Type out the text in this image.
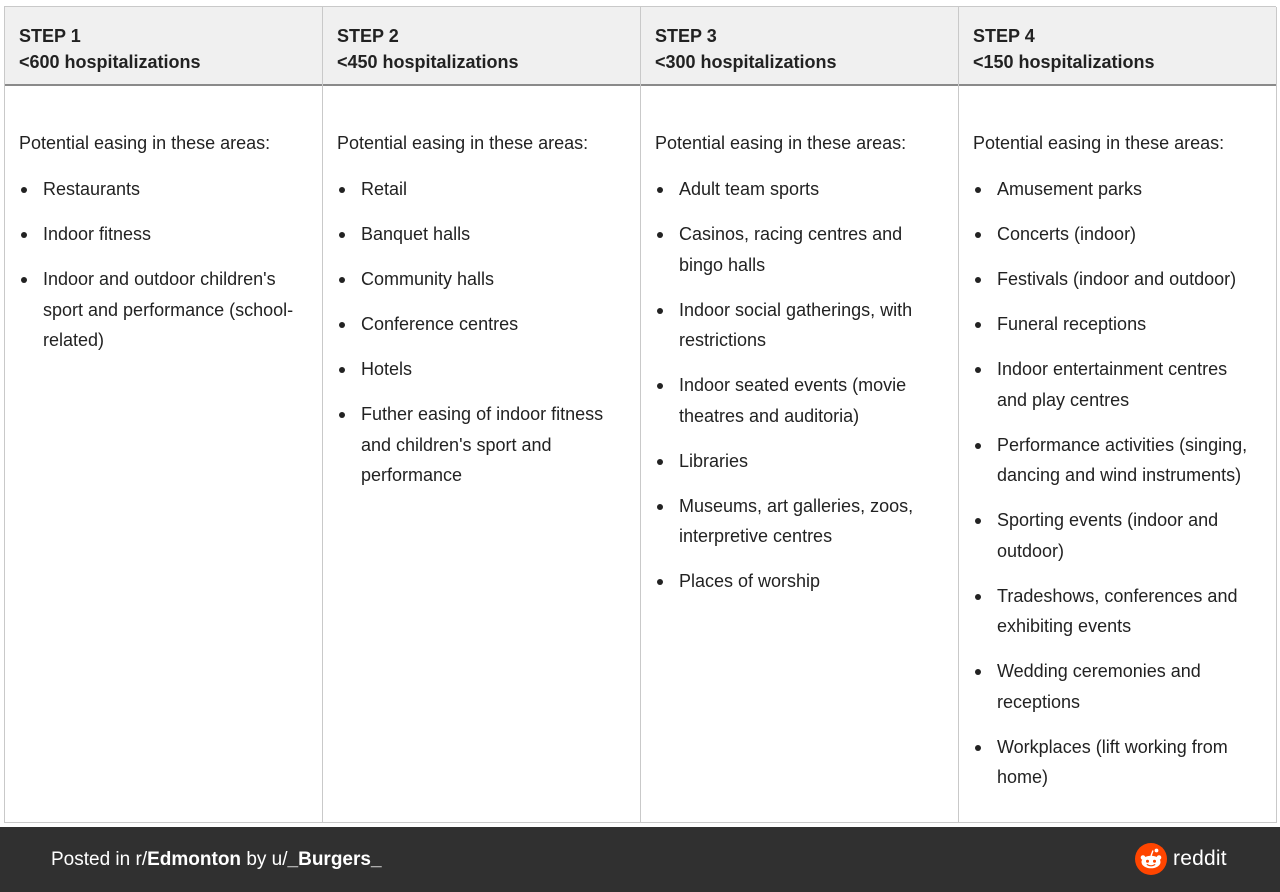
STEP 1
<600 hospitalizations

Potential easing in these areas:

Restaurants
Indoor fitness
Indoor and outdoor children's sport and performance (school-related)
STEP 2
<450 hospitalizations

Potential easing in these areas:

Retail
Banquet halls
Community halls
Conference centres
Hotels
Futher easing of indoor fitness and children's sport and performance
STEP 3
<300 hospitalizations

Potential easing in these areas:

Adult team sports
Casinos, racing centres and bingo halls
Indoor social gatherings, with restrictions
Indoor seated events (movie theatres and auditoria)
Libraries
Museums, art galleries, zoos, interpretive centres
Places of worship
STEP 4
<150 hospitalizations

Potential easing in these areas:

Amusement parks
Concerts (indoor)
Festivals (indoor and outdoor)
Funeral receptions
Indoor entertainment centres and play centres
Performance activities (singing, dancing and wind instruments)
Sporting events (indoor and outdoor)
Tradeshows, conferences and exhibiting events
Wedding ceremonies and receptions
Workplaces (lift working from home)
Posted in r/Edmonton by u/_Burgers_	reddit
